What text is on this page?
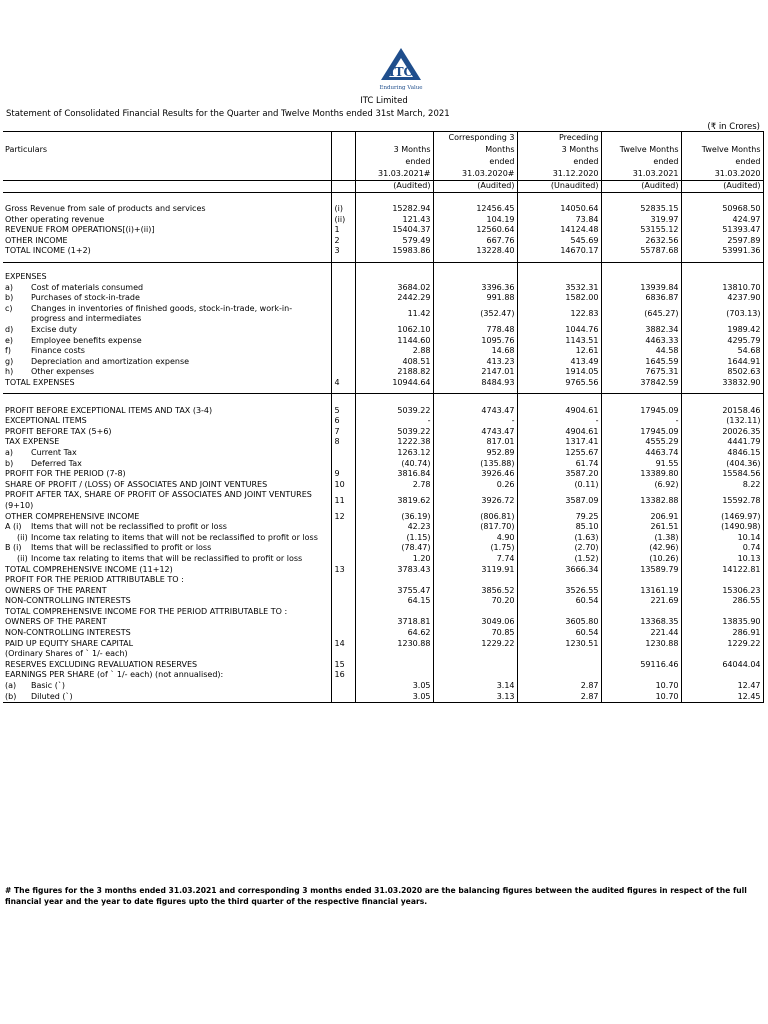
ITC
Enduring Value
ITC Limited
Statement of Consolidated Financial Results for the Quarter and Twelve Months ended 31st March, 2021
(₹ in Crores)

			Corresponding 3	Preceding		
Particulars		3 Months	Months	3 Months	Twelve Months	Twelve Months
		ended	ended	ended	ended	ended
		31.03.2021#	31.03.2020#	31.12.2020	31.03.2021	31.03.2020
		(Audited)	(Audited)	(Unaudited)	(Audited)	(Audited)

Gross Revenue from sale of products and services	(i)	15282.94	12456.45	14050.64	52835.15	50968.50
Other operating revenue	(ii)	121.43	104.19	73.84	319.97	424.97
REVENUE FROM OPERATIONS[(i)+(ii)]	1	15404.37	12560.64	14124.48	53155.12	51393.47
OTHER INCOME	2	579.49	667.76	545.69	2632.56	2597.89
TOTAL INCOME (1+2)	3	15983.86	13228.40	14670.17	55787.68	53991.36

EXPENSES						
a) Cost of materials consumed		3684.02	3396.36	3532.31	13939.84	13810.70
b) Purchases of stock-in-trade		2442.29	991.88	1582.00	6836.87	4237.90
c) Changes in inventories of finished goods, stock-in-trade, work-in-progress and intermediates		11.42	(352.47)	122.83	(645.27)	(703.13)
d) Excise duty		1062.10	778.48	1044.76	3882.34	1989.42
e) Employee benefits expense		1144.60	1095.76	1143.51	4463.33	4295.79
f) Finance costs		2.88	14.68	12.61	44.58	54.68
g) Depreciation and amortization expense		408.51	413.23	413.49	1645.59	1644.91
h) Other expenses		2188.82	2147.01	1914.05	7675.31	8502.63
TOTAL EXPENSES	4	10944.64	8484.93	9765.56	37842.59	33832.90

PROFIT BEFORE EXCEPTIONAL ITEMS AND TAX (3-4)	5	5039.22	4743.47	4904.61	17945.09	20158.46
EXCEPTIONAL ITEMS	6	-	-	-	-	(132.11)
PROFIT BEFORE TAX (5+6)	7	5039.22	4743.47	4904.61	17945.09	20026.35
TAX EXPENSE	8	1222.38	817.01	1317.41	4555.29	4441.79
a) Current Tax		1263.12	952.89	1255.67	4463.74	4846.15
b) Deferred Tax		(40.74)	(135.88)	61.74	91.55	(404.36)
PROFIT FOR THE PERIOD (7-8)	9	3816.84	3926.46	3587.20	13389.80	15584.56
SHARE OF PROFIT / (LOSS) OF ASSOCIATES AND JOINT VENTURES	10	2.78	0.26	(0.11)	(6.92)	8.22
PROFIT AFTER TAX, SHARE OF PROFIT OF ASSOCIATES AND JOINT VENTURES (9+10)	11	3819.62	3926.72	3587.09	13382.88	15592.78
OTHER COMPREHENSIVE INCOME	12	(36.19)	(806.81)	79.25	206.91	(1469.97)
A (i) Items that will not be reclassified to profit or loss		42.23	(817.70)	85.10	261.51	(1490.98)
(ii) Income tax relating to items that will not be reclassified to profit or loss		(1.15)	4.90	(1.63)	(1.38)	10.14
B (i) Items that will be reclassified to profit or loss		(78.47)	(1.75)	(2.70)	(42.96)	0.74
(ii) Income tax relating to items that will be reclassified to profit or loss		1.20	7.74	(1.52)	(10.26)	10.13
TOTAL COMPREHENSIVE INCOME (11+12)	13	3783.43	3119.91	3666.34	13589.79	14122.81
PROFIT FOR THE PERIOD ATTRIBUTABLE TO :						
OWNERS OF THE PARENT		3755.47	3856.52	3526.55	13161.19	15306.23
NON-CONTROLLING INTERESTS		64.15	70.20	60.54	221.69	286.55
TOTAL COMPREHENSIVE INCOME FOR THE PERIOD ATTRIBUTABLE TO :						
OWNERS OF THE PARENT		3718.81	3049.06	3605.80	13368.35	13835.90
NON-CONTROLLING INTERESTS		64.62	70.85	60.54	221.44	286.91
PAID UP EQUITY SHARE CAPITAL	14	1230.88	1229.22	1230.51	1230.88	1229.22
(Ordinary Shares of ` 1/- each)						
RESERVES EXCLUDING REVALUATION RESERVES	15				59116.46	64044.04
EARNINGS PER SHARE (of ` 1/- each) (not annualised):	16					
(a) Basic (`)		3.05	3.14	2.87	10.70	12.47
(b) Diluted (`)		3.05	3.13	2.87	10.70	12.45
# The figures for the 3 months ended 31.03.2021 and corresponding 3 months ended 31.03.2020 are the balancing figures between the audited figures in respect of the full financial year and the year to date figures upto the third quarter of the respective financial years.
